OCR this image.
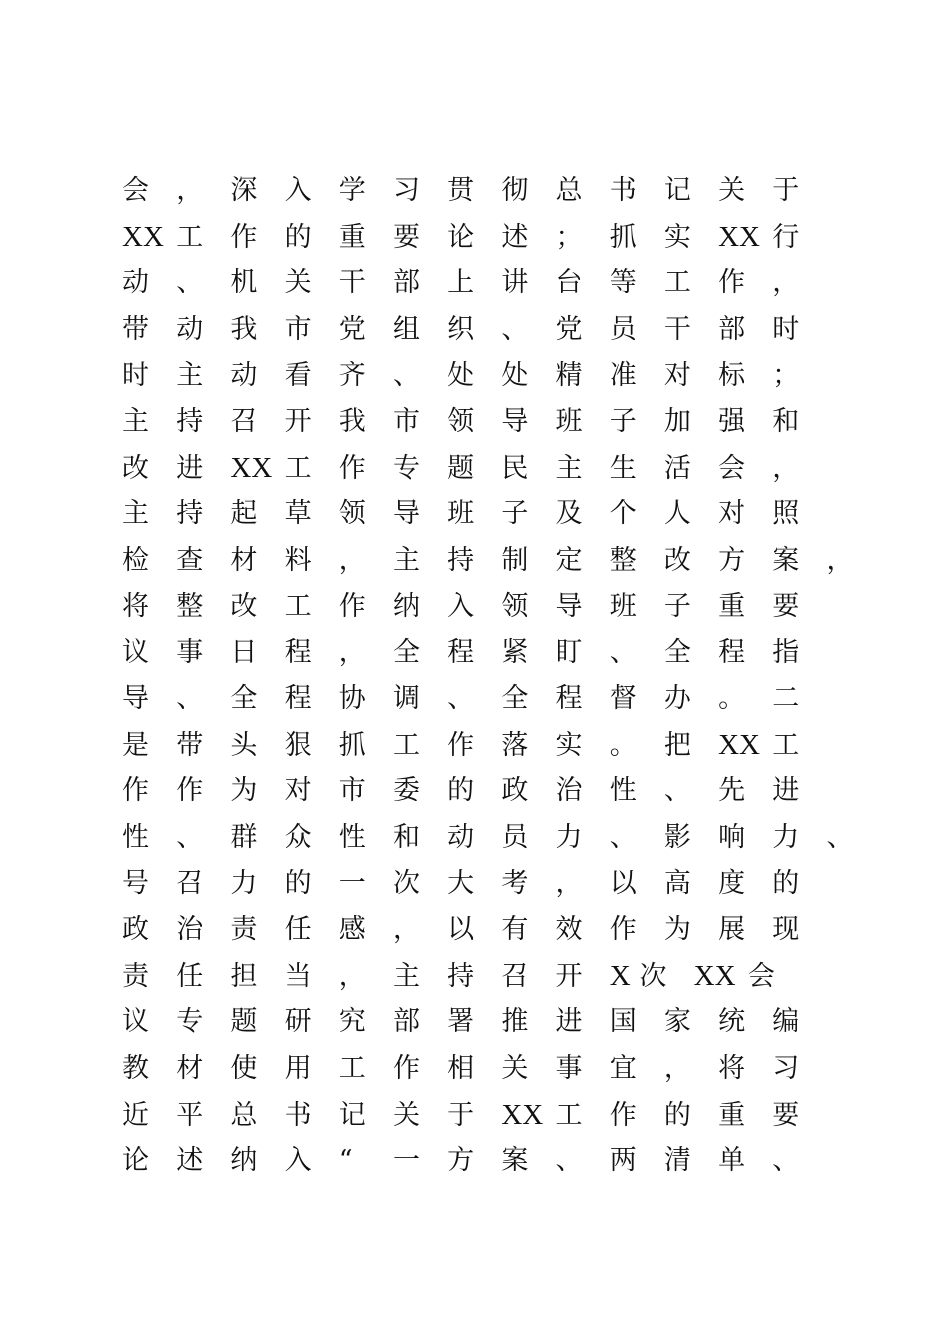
会 ， 深 入 学 习 贯 彻 总 书 记 关 于
XX 工 作 的 重 要 论 述 ； 抓 实 XX 行
动 、 机 关 干 部 上 讲 台 等 工 作 ，
带 动 我 市 党 组 织 、 党 员 干 部 时
时 主 动 看 齐 、 处 处 精 准 对 标 ；
主 持 召 开 我 市 领 导 班 子 加 强 和
改 进 XX 工 作 专 题 民 主 生 活 会 ，
主 持 起 草 领 导 班 子 及 个 人 对 照
检 查 材 料 ， 主 持 制 定 整 改 方 案 ，
将 整 改 工 作 纳 入 领 导 班 子 重 要
议 事 日 程 ， 全 程 紧 盯 、 全 程 指
导 、 全 程 协 调 、 全 程 督 办 。 二
是 带 头 狠 抓 工 作 落 实 。 把 XX 工
作 作 为 对 市 委 的 政 治 性 、 先 进
性 、 群 众 性 和 动 员 力 、 影 响 力 、
号 召 力 的 一 次 大 考 ， 以 高 度 的
政 治 责 任 感 ， 以 有 效 作 为 展 现
责 任 担 当 ， 主 持 召 开 X 次 XX 会
议 专 题 研 究 部 署 推 进 国 家 统 编
教 材 使 用 工 作 相 关 事 宜 ， 将 习
近 平 总 书 记 关 于 XX 工 作 的 重 要
论 述 纳 入 “ 一 方 案 、 两 清 单 、
